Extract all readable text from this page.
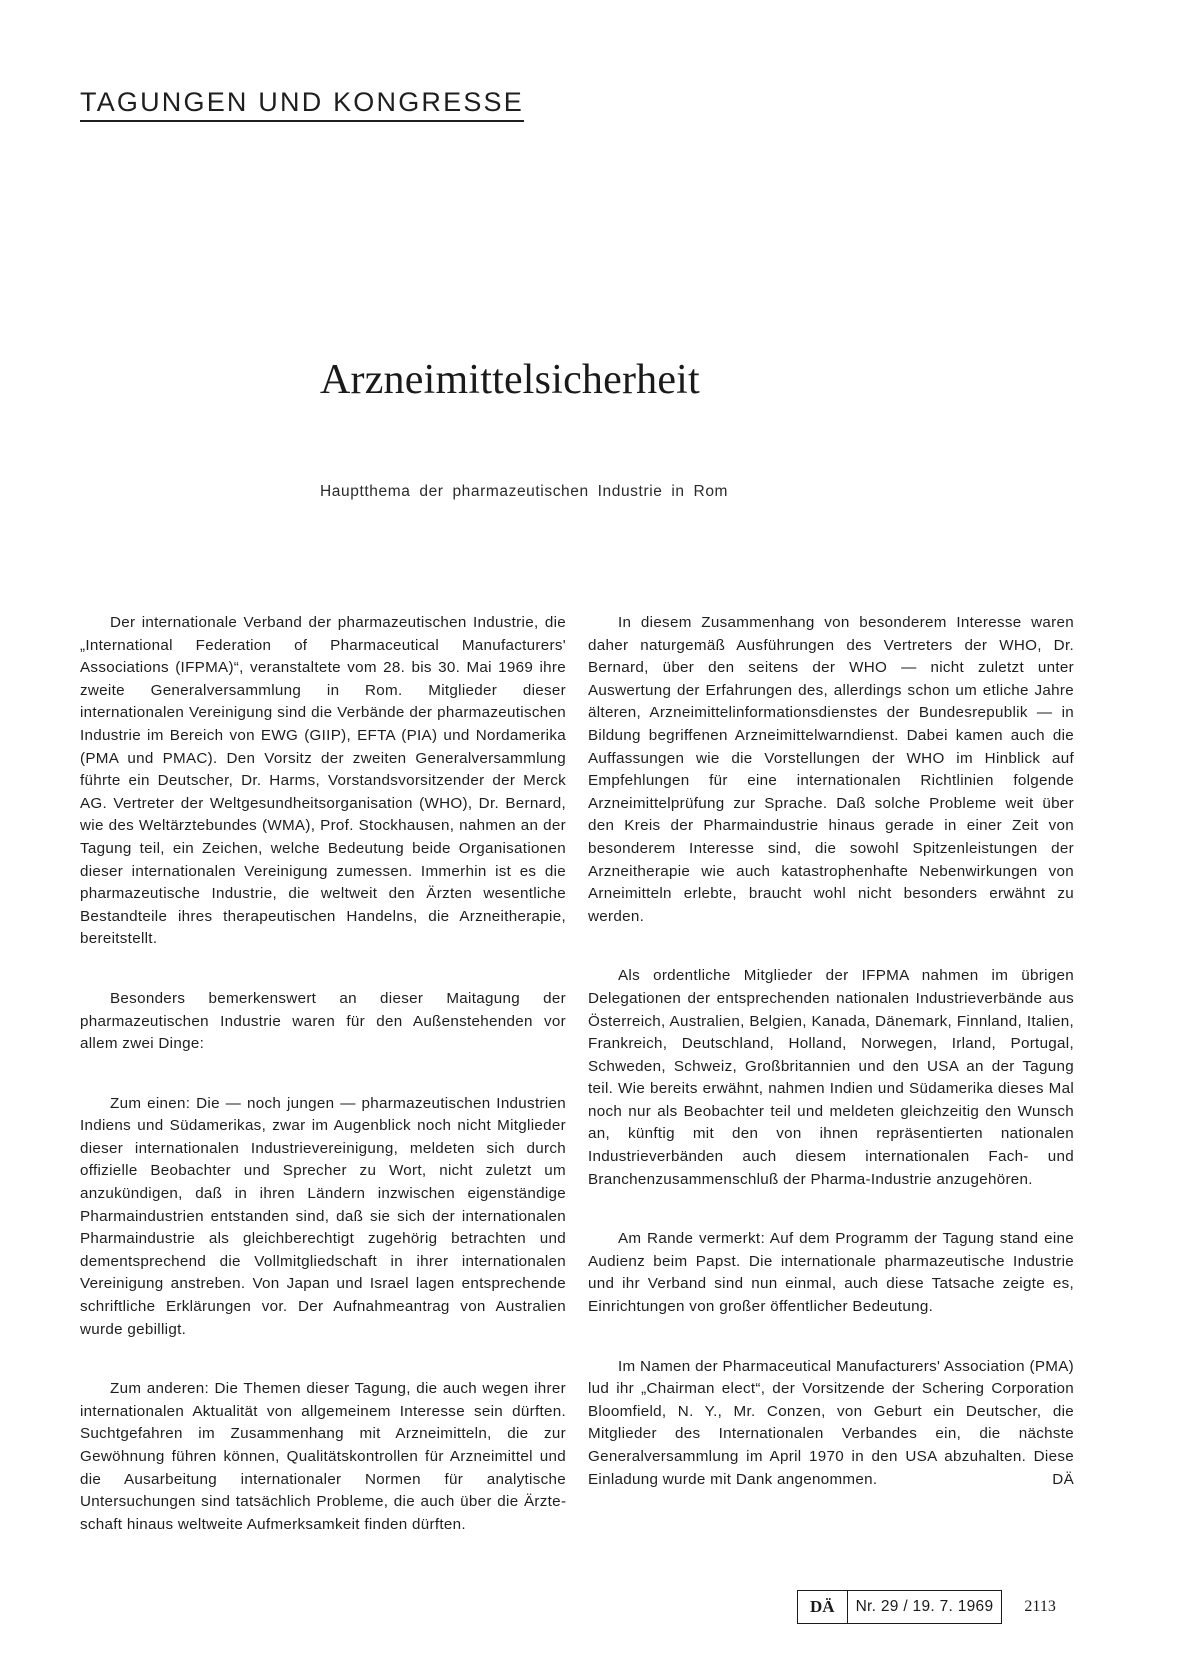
TAGUNGEN UND KONGRESSE
Arzneimittelsicherheit
Hauptthema der pharmazeutischen Industrie in Rom

Der internationale Verband der pharmazeutischen Industrie, die „International Federation of Pharmaceutical Manufacturers' Associations (IFPMA)“, veranstaltete vom 28. bis 30. Mai 1969 ihre zweite Generalversammlung in Rom. Mitglieder dieser internationalen Vereinigung sind die Verbände der pharmazeutischen Industrie im Bereich von EWG (GIIP), EFTA (PIA) und Nordamerika (PMA und PMAC). Den Vorsitz der zweiten Generalversammlung führte ein Deutscher, Dr. Harms, Vorstandsvorsitzender der Merck AG. Vertreter der Weltgesundheitsorganisation (WHO), Dr. Bernard, wie des Weltärztebundes (WMA), Prof. Stockhausen, nahmen an der Tagung teil, ein Zeichen, welche Bedeutung beide Organisationen dieser internationalen Vereinigung zumessen. Immerhin ist es die pharmazeutische Industrie, die weltweit den Ärzten wesentliche Bestandteile ihres therapeutischen Handelns, die Arzneitherapie, bereitstellt.

Besonders bemerkenswert an dieser Maitagung der pharmazeutischen Industrie waren für den Außenstehenden vor allem zwei Dinge:

Zum einen: Die — noch jungen — pharmazeutischen Industrien Indiens und Südamerikas, zwar im Augenblick noch nicht Mitglieder dieser internationalen Industrievereinigung, meldeten sich durch offizielle Beobachter und Sprecher zu Wort, nicht zuletzt um anzukündigen, daß in ihren Ländern inzwischen eigenständige Pharmaindustrien entstanden sind, daß sie sich der internationalen Pharmaindustrie als gleichberechtigt zugehörig betrachten und dementsprechend die Vollmitgliedschaft in ihrer internationalen Vereinigung anstreben. Von Japan und Israel lagen entsprechende schriftliche Erklärungen vor. Der Aufnahmeantrag von Australien wurde gebilligt.

Zum anderen: Die Themen dieser Tagung, die auch wegen ihrer internationalen Aktualität von allgemeinem Interesse sein dürften. Suchtgefahren im Zusammenhang mit Arzneimitteln, die zur Gewöhnung führen können, Qualitätskontrollen für Arzneimittel und die Ausarbeitung internationaler Normen für analytische Untersuchungen sind tatsächlich Probleme, die auch über die Ärzteschaft hinaus weltweite Aufmerksamkeit finden dürften.

In diesem Zusammenhang von besonderem Interesse waren daher naturgemäß Ausführungen des Vertreters der WHO, Dr. Bernard, über den seitens der WHO — nicht zuletzt unter Auswertung der Erfahrungen des, allerdings schon um etliche Jahre älteren, Arzneimittelinformationsdienstes der Bundesrepublik — in Bildung begriffenen Arzneimittelwarndienst. Dabei kamen auch die Auffassungen wie die Vorstellungen der WHO im Hinblick auf Empfehlungen für eine internationalen Richtlinien folgende Arzneimittelprüfung zur Sprache. Daß solche Probleme weit über den Kreis der Pharmaindustrie hinaus gerade in einer Zeit von besonderem Interesse sind, die sowohl Spitzenleistungen der Arzneitherapie wie auch katastrophenhafte Nebenwirkungen von Arneimitteln erlebte, braucht wohl nicht besonders erwähnt zu werden.

Als ordentliche Mitglieder der IFPMA nahmen im übrigen Delegationen der entsprechenden nationalen Industrieverbände aus Österreich, Australien, Belgien, Kanada, Dänemark, Finnland, Italien, Frankreich, Deutschland, Holland, Norwegen, Irland, Portugal, Schweden, Schweiz, Großbritannien und den USA an der Tagung teil. Wie bereits erwähnt, nahmen Indien und Südamerika dieses Mal noch nur als Beobachter teil und meldeten gleichzeitig den Wunsch an, künftig mit den von ihnen repräsentierten nationalen Industrieverbänden auch diesem internationalen Fach- und Branchenzusammenschluß der Pharma-Industrie anzugehören.

Am Rande vermerkt: Auf dem Programm der Tagung stand eine Audienz beim Papst. Die internationale pharmazeutische Industrie und ihr Verband sind nun einmal, auch diese Tatsache zeigte es, Einrichtungen von großer öffentlicher Bedeutung.

Im Namen der Pharmaceutical Manufacturers' Association (PMA) lud ihr „Chairman elect“, der Vorsitzende der Schering Corporation Bloomfield, N. Y., Mr. Conzen, von Geburt ein Deutscher, die Mitglieder des Internationalen Verbandes ein, die nächste Generalversammlung im April 1970 in den USA abzuhalten. Diese Einladung wurde mit Dank angenommen.	DÄ

DÄ	Nr. 29 / 19. 7. 1969	2113
